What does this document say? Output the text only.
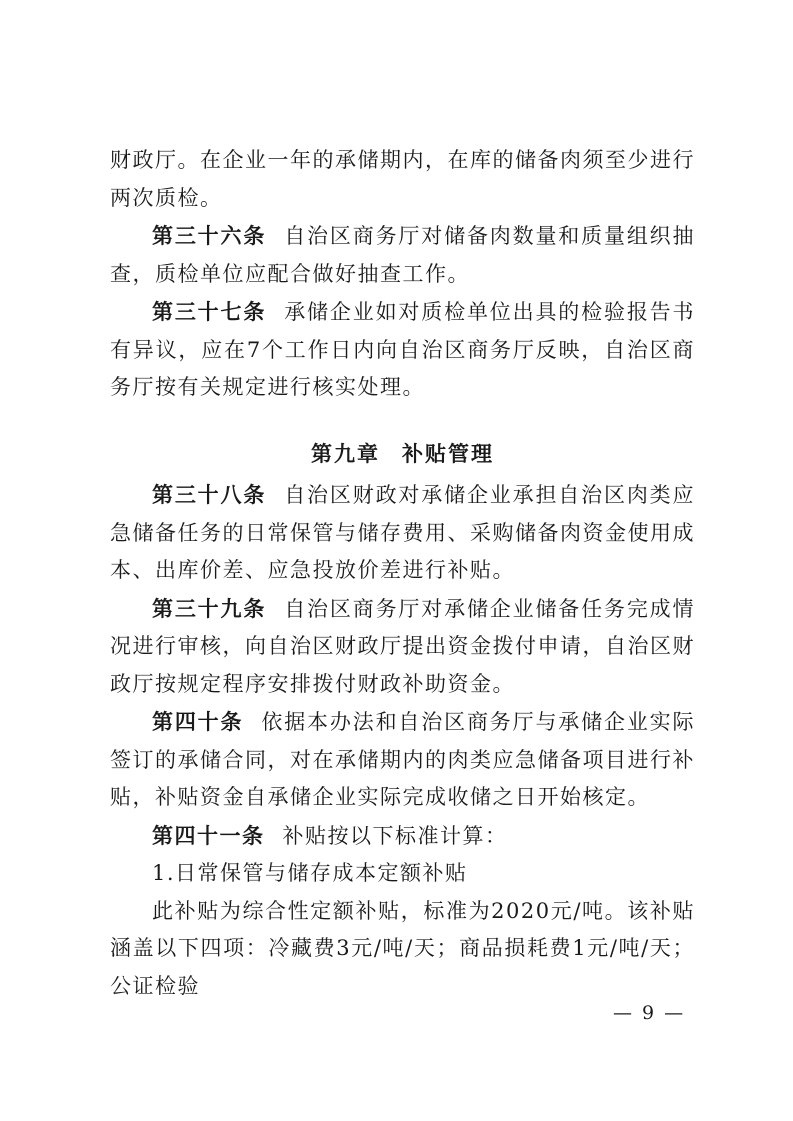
财政厅。在企业一年的承储期内，在库的储备肉须至少进行两次质检。

第三十六条 自治区商务厅对储备肉数量和质量组织抽查，质检单位应配合做好抽查工作。

第三十七条 承储企业如对质检单位出具的检验报告书有异议，应在7个工作日内向自治区商务厅反映，自治区商务厅按有关规定进行核实处理。

第九章 补贴管理

第三十八条 自治区财政对承储企业承担自治区肉类应急储备任务的日常保管与储存费用、采购储备肉资金使用成本、出库价差、应急投放价差进行补贴。

第三十九条 自治区商务厅对承储企业储备任务完成情况进行审核，向自治区财政厅提出资金拨付申请，自治区财政厅按规定程序安排拨付财政补助资金。

第四十条 依据本办法和自治区商务厅与承储企业实际签订的承储合同，对在承储期内的肉类应急储备项目进行补贴，补贴资金自承储企业实际完成收储之日开始核定。

第四十一条 补贴按以下标准计算：

1.日常保管与储存成本定额补贴

此补贴为综合性定额补贴，标准为2020元/吨。该补贴涵盖以下四项：冷藏费3元/吨/天；商品损耗费1元/吨/天；公证检验

— 9 —
